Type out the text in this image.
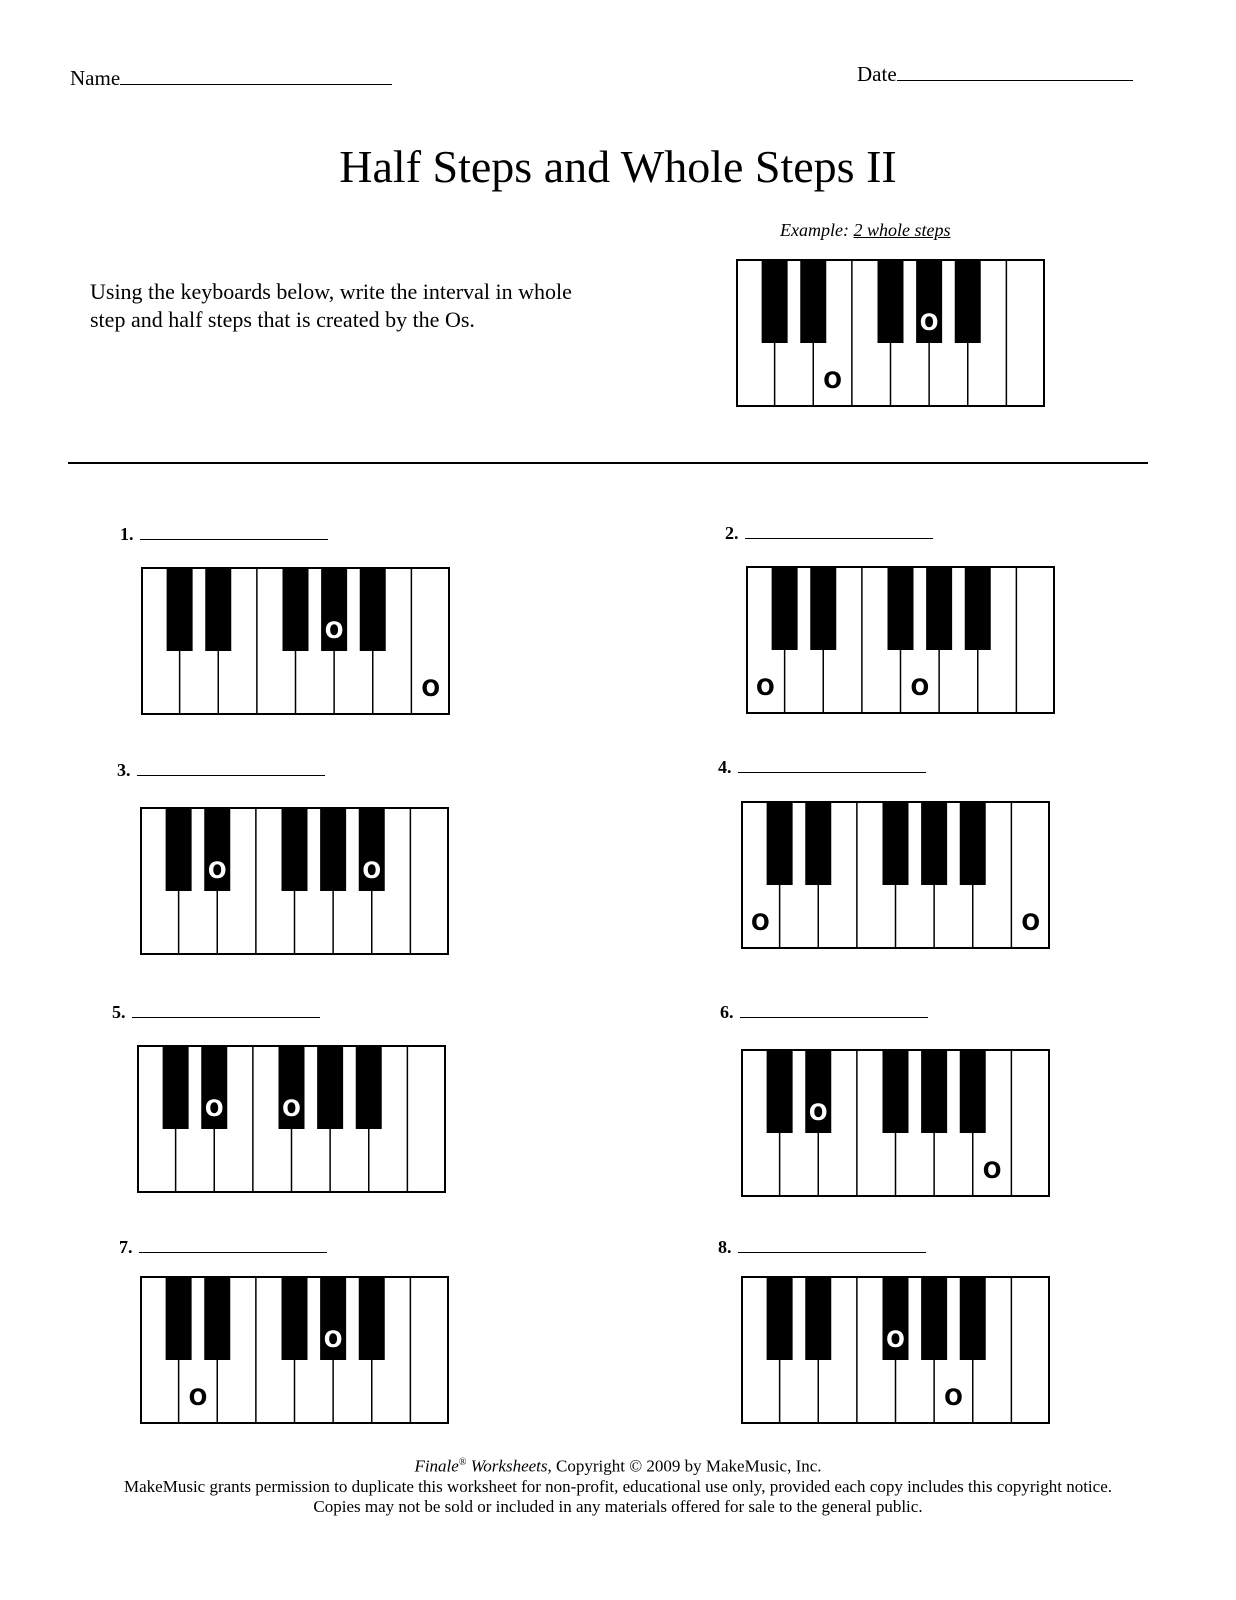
Name	Date
Half Steps and Whole Steps II
Using the keyboards below, write the interval in whole step and half steps that is created by the Os.
Example: 2 whole steps
O
O
1.
O
O
2.
O	O
3.
O	O
4.
O	O
5.
O	O
6.
O
O
7.
O
O
8.
O
O
Finale® Worksheets, Copyright © 2009 by MakeMusic, Inc.
MakeMusic grants permission to duplicate this worksheet for non-profit, educational use only, provided each copy includes this copyright notice.
Copies may not be sold or included in any materials offered for sale to the general public.
